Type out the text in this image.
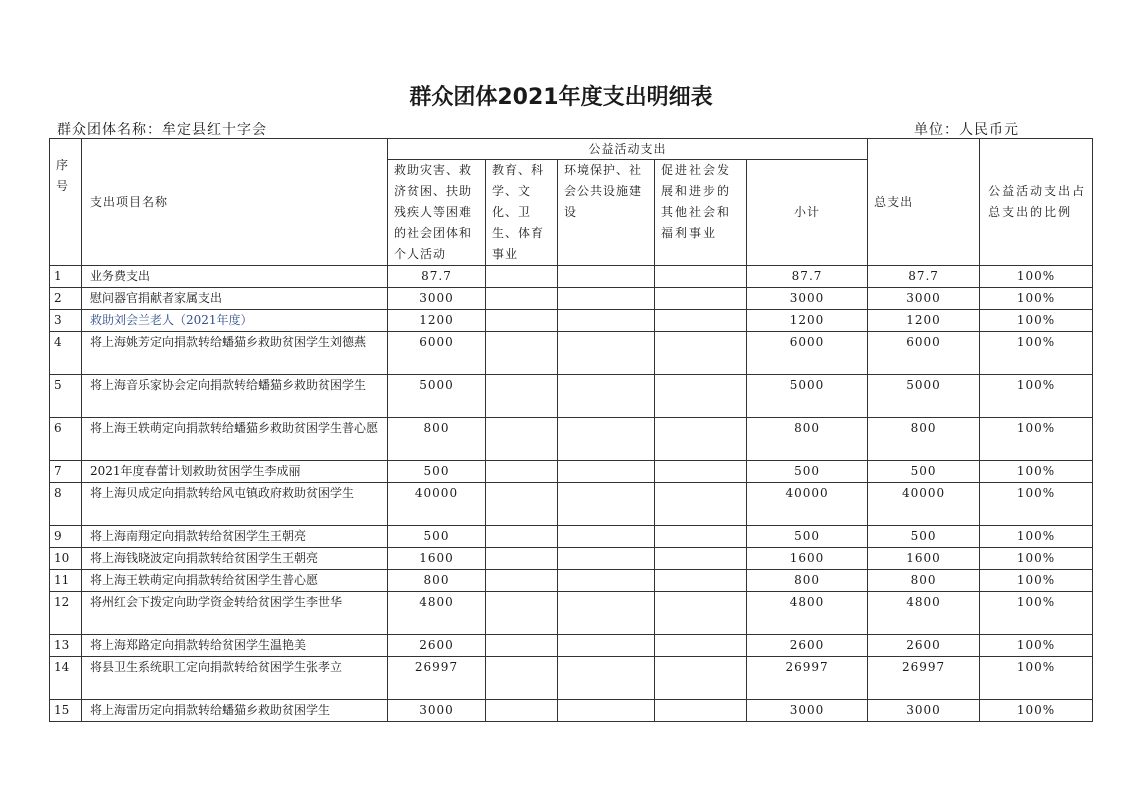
群众团体2021年度支出明细表
群众团体名称：牟定县红十字会	单位：人民币元
序号	支出项目名称	公益活动支出					总支出	公益活动支出占总支出的比例
		救助灾害、救济贫困、扶助残疾人等困难的社会团体和个人活动	教育、科学、文化、卫生、体育事业	环境保护、社会公共设施建设	促进社会发展和进步的其他社会和福利事业	小计		
1	业务费支出	87.7				87.7	87.7	100%
2	慰问器官捐献者家属支出	3000				3000	3000	100%
3	救助刘会兰老人（2021年度）	1200				1200	1200	100%
4	将上海姚芳定向捐款转给蟠猫乡救助贫困学生刘德燕	6000				6000	6000	100%
5	将上海音乐家协会定向捐款转给蟠猫乡救助贫困学生	5000				5000	5000	100%
6	将上海王轶萌定向捐款转给蟠猫乡救助贫困学生普心愿	800				800	800	100%
7	2021年度春蕾计划救助贫困学生李成丽	500				500	500	100%
8	将上海贝成定向捐款转给风屯镇政府救助贫困学生	40000				40000	40000	100%
9	将上海南翔定向捐款转给贫困学生王朝亮	500				500	500	100%
10	将上海钱晓波定向捐款转给贫困学生王朝亮	1600				1600	1600	100%
11	将上海王轶萌定向捐款转给贫困学生普心愿	800				800	800	100%
12	将州红会下拨定向助学资金转给贫困学生李世华	4800				4800	4800	100%
13	将上海郑路定向捐款转给贫困学生温艳美	2600				2600	2600	100%
14	将县卫生系统职工定向捐款转给贫困学生张孝立	26997				26997	26997	100%
15	将上海雷历定向捐款转给蟠猫乡救助贫困学生	3000				3000	3000	100%
